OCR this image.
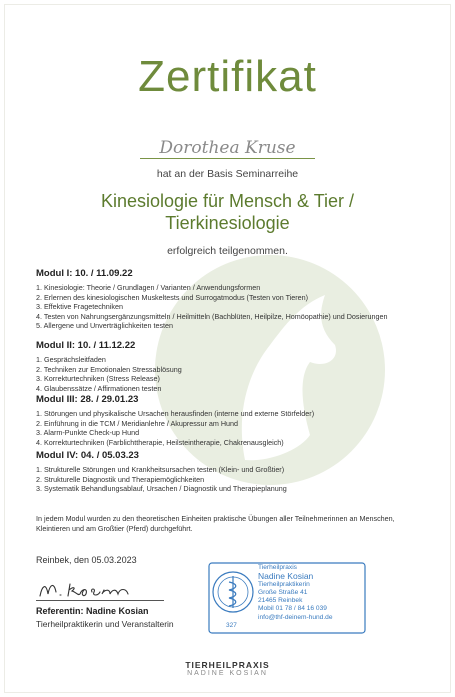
Zertifikat
Dorothea Kruse
hat an der Basis Seminarreihe
Kinesiologie für Mensch & Tier /
Tierkinesiologie
erfolgreich teilgenommen.
Modul I: 10. / 11.09.22
1. Kinesiologie: Theorie / Grundlagen / Varianten / Anwendungsformen
2. Erlernen des kinesiologischen Muskeltests und Surrogatmodus (Testen von Tieren)
3. Effektive Fragetechniken
4. Testen von Nahrungsergänzungsmitteln / Heilmitteln (Bachblüten, Heilpilze, Homöopathie) und Dosierungen
5. Allergene und Unverträglichkeiten testen
Modul II: 10. / 11.12.22
1. Gesprächsleitfaden
2. Techniken zur Emotionalen Stressablösung
3. Korrekturtechniken (Stress Release)
4. Glaubenssätze / Affirmationen testen
Modul III: 28. / 29.01.23
1. Störungen und physikalische Ursachen herausfinden (interne und externe Störfelder)
2. Einführung in die TCM / Meridianlehre / Akupressur am Hund
3. Alarm-Punkte Check-up Hund
4. Korrekturtechniken (Farblichttherapie, Heilsteintherapie, Chakrenausgleich)
Modul IV: 04. / 05.03.23
1. Strukturelle Störungen und Krankheitsursachen testen (Klein- und Großtier)
2. Strukturelle Diagnostik und Therapiemöglichkeiten
3. Systematik Behandlungsablauf, Ursachen / Diagnostik und Therapieplanung
In jedem Modul wurden zu den theoretischen Einheiten praktische Übungen aller Teilnehmerinnen an Menschen, Kleintieren und am Großtier (Pferd) durchgeführt.
Reinbek, den 05.03.2023
Referentin: Nadine Kosian
Tierheilpraktikerin und Veranstalterin
Tierheilpraxis
Nadine Kosian
Tierheilpraktikerin
Große Straße 41
21465 Reinbek
Mobil 01 78 / 84 16 039
info@thf-deinem-hund.de
327
TIERHEILPRAXIS
NADINE KOSIAN
